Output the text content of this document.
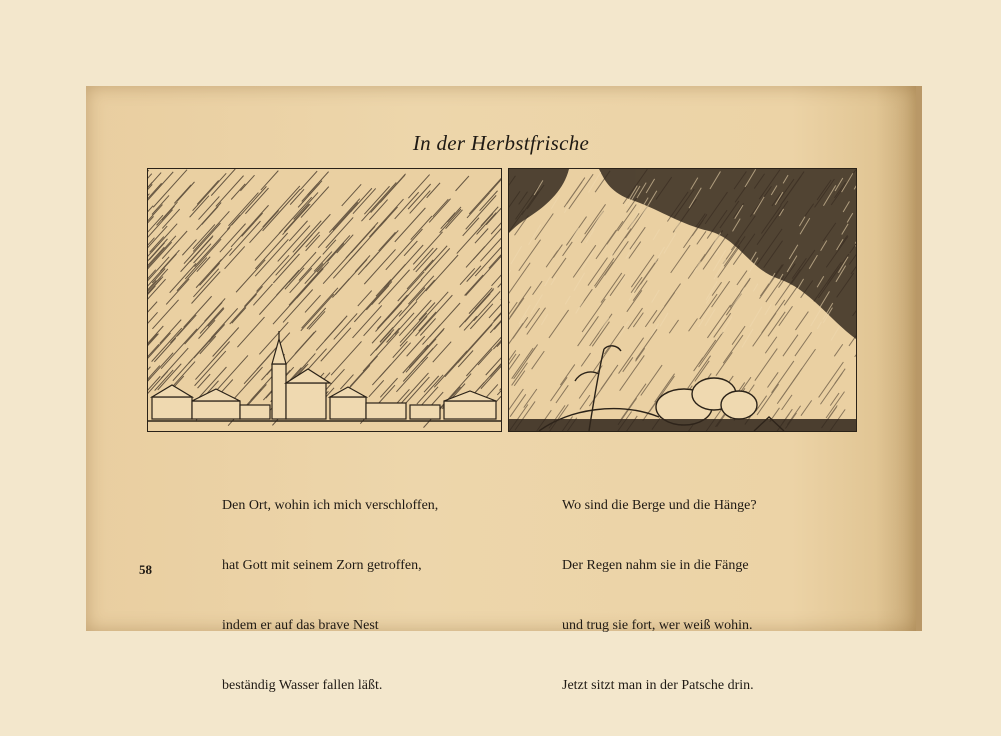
In der Herbstfrische

Den Ort, wohin ich mich verschloffen,

hat Gott mit seinem Zorn getroffen,

indem er auf das brave Nest

beständig Wasser fallen läßt.

Wo sind die Berge und die Hänge?

Der Regen nahm sie in die Fänge

und trug sie fort, wer weiß wohin.

Jetzt sitzt man in der Patsche drin.

58
